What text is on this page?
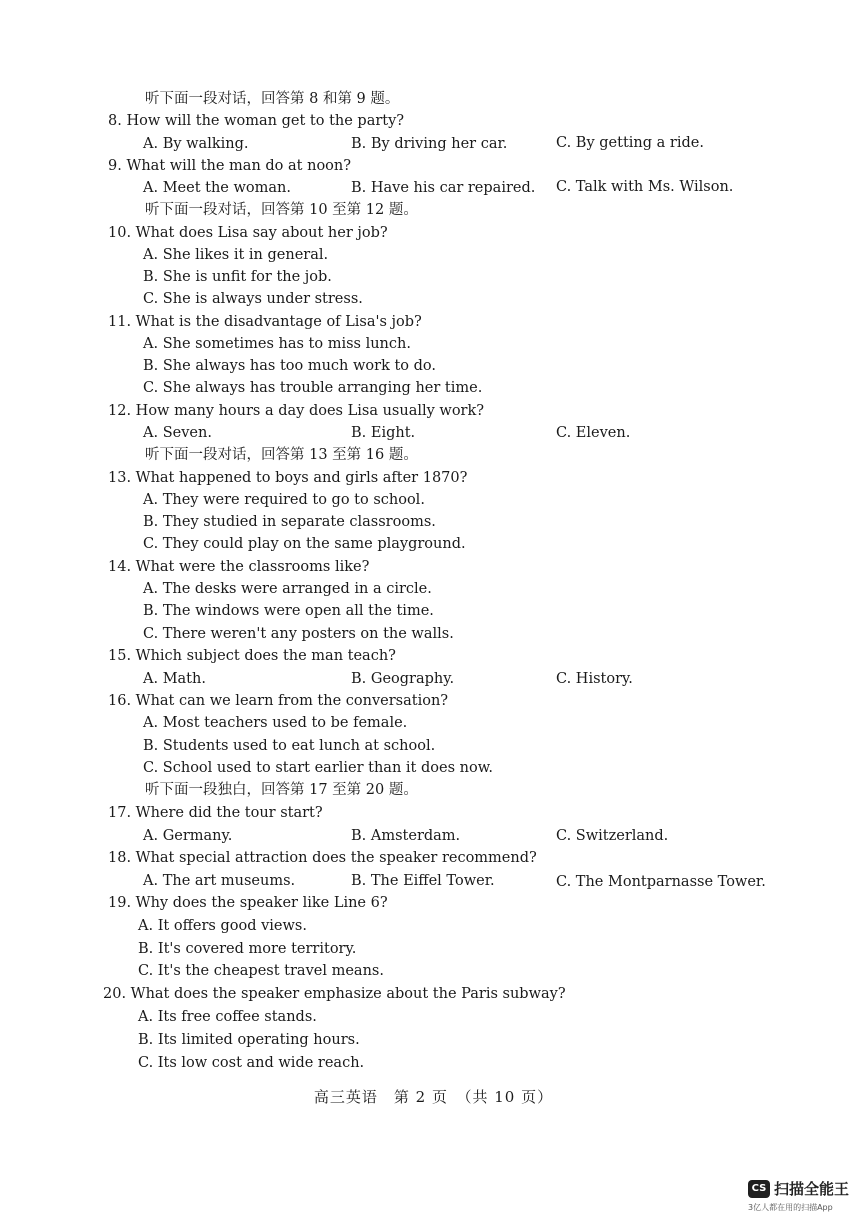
听下面一段对话，回答第 8 和第 9 题。
8. How will the woman get to the party?
A. By walking.	B. By driving her car.	C. By getting a ride.
9. What will the man do at noon?
A. Meet the woman.	B. Have his car repaired. C. Talk with Ms. Wilson.
听下面一段对话，回答第 10 至第 12 题。
10. What does Lisa say about her job?
A. She likes it in general.
B. She is unfit for the job.
C. She is always under stress.
11. What is the disadvantage of Lisa's job?
A. She sometimes has to miss lunch.
B. She always has too much work to do.
C. She always has trouble arranging her time.
12. How many hours a day does Lisa usually work?
A. Seven.	B. Eight.	C. Eleven.
听下面一段对话，回答第 13 至第 16 题。
13. What happened to boys and girls after 1870?
A. They were required to go to school.
B. They studied in separate classrooms.
C. They could play on the same playground.
14. What were the classrooms like?
A. The desks were arranged in a circle.
B. The windows were open all the time.
C. There weren't any posters on the walls.
15. Which subject does the man teach?
A. Math.	B. Geography.	C. History.
16. What can we learn from the conversation?
A. Most teachers used to be female.
B. Students used to eat lunch at school.
C. School used to start earlier than it does now.
听下面一段独白，回答第 17 至第 20 题。
17. Where did the tour start?
A. Germany.	B. Amsterdam.	C. Switzerland.
18. What special attraction does the speaker recommend?
A. The art museums.	B. The Eiffel Tower.	C. The Montparnasse Tower.
19. Why does the speaker like Line 6?
A. It offers good views.
B. It's covered more territory.
C. It's the cheapest travel means.
20. What does the speaker emphasize about the Paris subway?
A. Its free coffee stands.
B. Its limited operating hours.
C. Its low cost and wide reach.
高三英语　第 2 页　（共 10 页）
CS 扫描全能王
3亿人都在用的扫描App
